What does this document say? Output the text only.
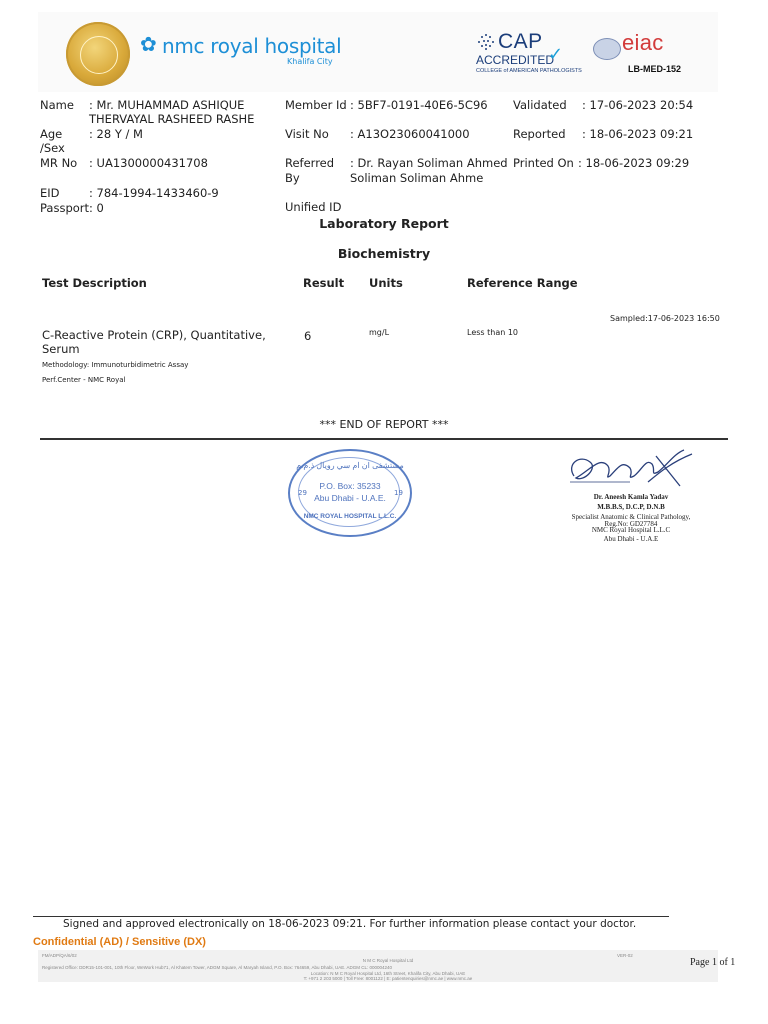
✿ nmc royal hospital
Khalifa City
CAP
ACCREDITED
✓
COLLEGE of AMERICAN PATHOLOGISTS
eiac
LB-MED-152
Name : Mr. MUHAMMAD ASHIQUE
THERVAYAL RASHEED RASHE
Age
/Sex
: 28 Y / M
MR No : UA1300000431708
EID	: 784-1994-1433460-9
Passport: 0
Member Id : 5BF7-0191-40E6-5C96
Visit No : A13O23060041000
Referred
By
: Dr. Rayan Soliman Ahmed
Soliman Soliman Ahme
Unified ID
Validated : 17-06-2023 20:54
Reported : 18-06-2023 09:21
Printed On : 18-06-2023 09:29
Laboratory Report
Biochemistry
Test Description	Result Units	Reference Range
Sampled:17-06-2023 16:50
C-Reactive Protein (CRP), Quantitative,
Serum
Methodology: Immunoturbidimetric Assay
Perf.Center - NMC Royal
6	mg/L	Less than 10
*** END OF REPORT ***
مستشفى ان ام سي رويال ذ.م.م
P.O. Box: 35233
Abu Dhabi - U.A.E.
29	19
NMC ROYAL HOSPITAL L.L.C.
Dr. Aneesh Kamla Yadav
M.B.B.S, D.C.P, D.N.B
Specialist Anatomic & Clinical Pathology,
Reg.No: GD27784
NMC Royal Hospital L.L.C
Abu Dhabi - U.A.E
Signed and approved electronically on 18-06-2023 09:21. For further information please contact your doctor.
Confidential (AD) / Sensitive (DX)
FM/ADP/QA/6/02	VER-02
N M C Royal Hospital Ltd
Registered Office: DDR15-101-001, 10th Floor, WeWork Hub71, Al Khatem Tower, ADGM Square, Al Maryah Island, P.O. Box: 764659, Abu Dhabi, UAE. ADGM CL: 000004240
Location: N M C Royal Hospital Ltd, 16th Street, Khalifa City, Abu Dhabi, UAE
T: +971 2 203 5000 | Toll Free: 8001122 | E: patientenquiries@nmc.ae | www.nmc.ae
Page 1 of 1
